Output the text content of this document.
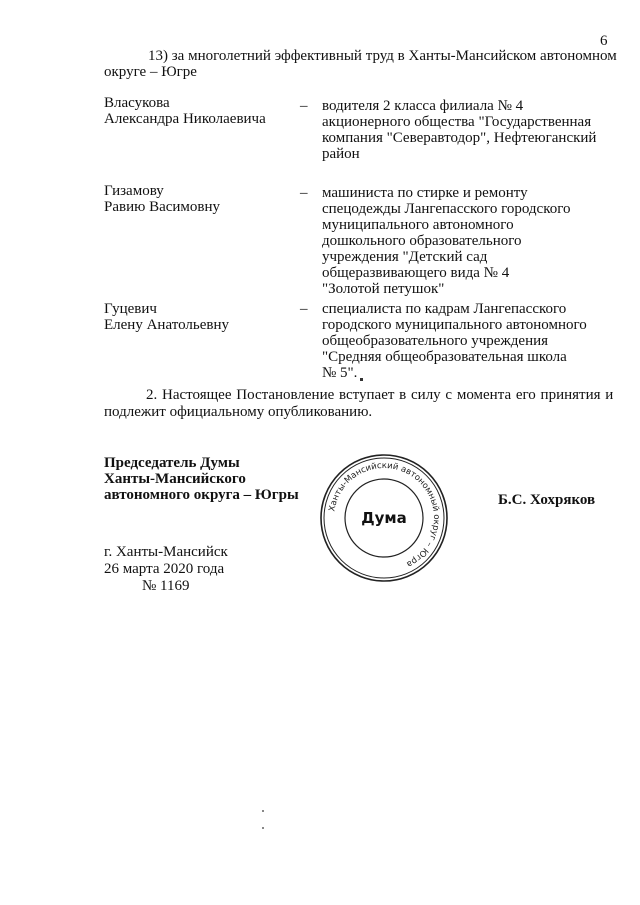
6
13) за многолетний эффективный труд в Ханты-Мансийском автономном
округе – Югре
Власукова
Александра Николаевича
– водителя 2 класса филиала № 4
акционерного общества "Государственная
компания "Северавтодор", Нефтеюганский
район
Гизамову
Равию Васимовну
– машиниста по стирке и ремонту
спецодежды Лангепасского городского
муниципального автономного
дошкольного образовательного
учреждения "Детский сад
общеразвивающего вида № 4
"Золотой петушок"
Гуцевич
Елену Анатольевну
– специалиста по кадрам Лангепасского
городского муниципального автономного
общеобразовательного учреждения
"Средняя общеобразовательная школа
№ 5".
2. Настоящее Постановление вступает в силу с момента его принятия и
подлежит официальному опубликованию.
Председатель Думы
Ханты-Мансийского
автономного округа – Югры	Б.С. Хохряков
Ханты-Мансийский автономный округ – Югра
Дума
г. Ханты-Мансийск
26 марта 2020 года
№ 1169
